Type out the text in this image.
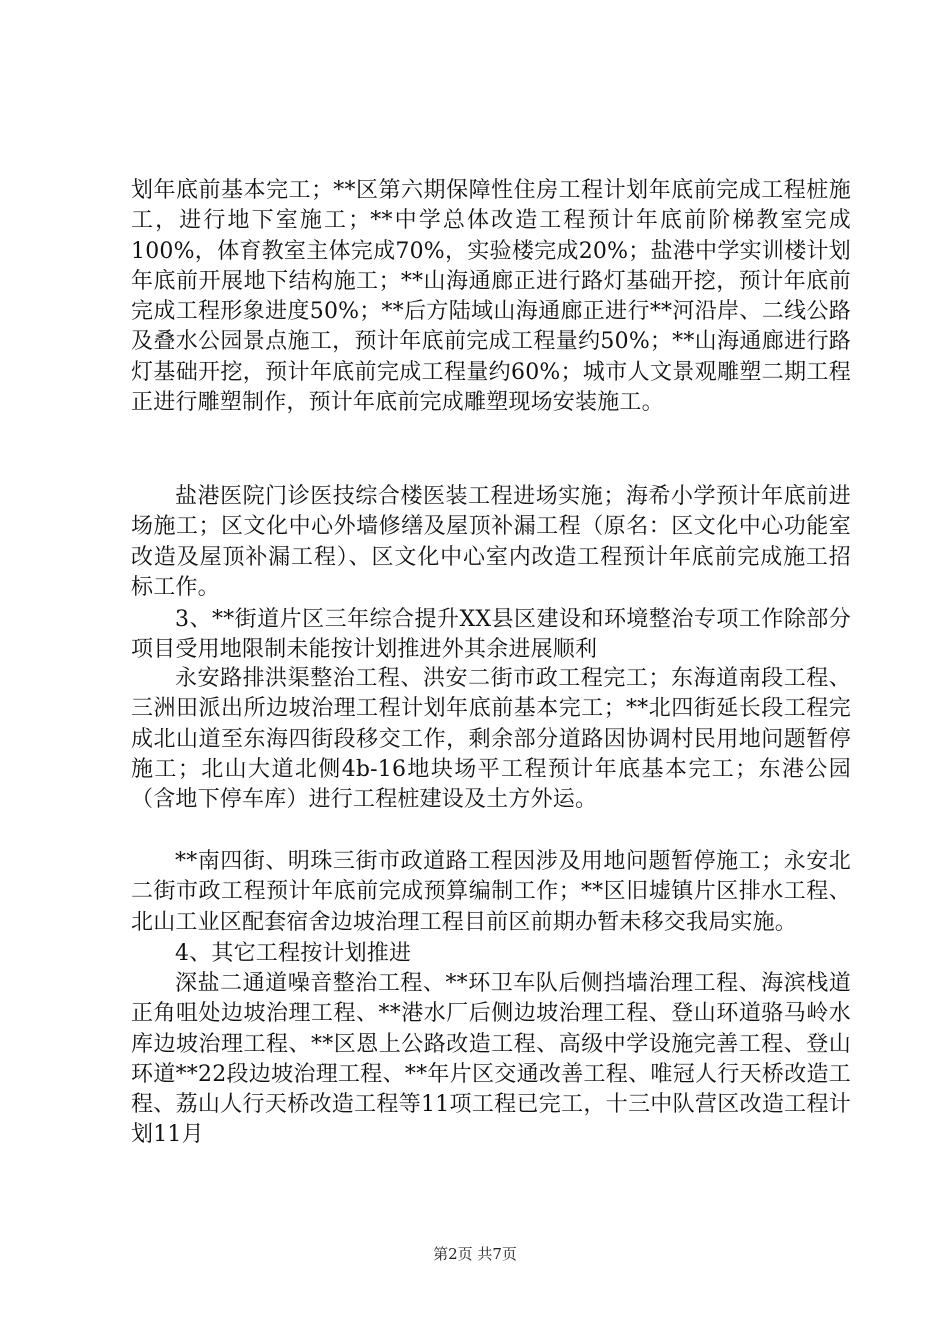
划年底前基本完工；**区第六期保障性住房工程计划年底前完成工程桩施工，进行地下室施工；**中学总体改造工程预计年底前阶梯教室完成100%，体育教室主体完成70%，实验楼完成20%；盐港中学实训楼计划年底前开展地下结构施工；**山海通廊正进行路灯基础开挖，预计年底前完成工程形象进度50%；**后方陆域山海通廊正进行**河沿岸、二线公路及叠水公园景点施工，预计年底前完成工程量约50%；**山海通廊进行路灯基础开挖，预计年底前完成工程量约60%；城市人文景观雕塑二期工程正进行雕塑制作，预计年底前完成雕塑现场安装施工。

盐港医院门诊医技综合楼医装工程进场实施；海希小学预计年底前进场施工；区文化中心外墙修缮及屋顶补漏工程（原名：区文化中心功能室改造及屋顶补漏工程）、区文化中心室内改造工程预计年底前完成施工招标工作。

3、**街道片区三年综合提升XX县区建设和环境整治专项工作除部分项目受用地限制未能按计划推进外其余进展顺利

永安路排洪渠整治工程、洪安二街市政工程完工；东海道南段工程、三洲田派出所边坡治理工程计划年底前基本完工；**北四街延长段工程完成北山道至东海四街段移交工作，剩余部分道路因协调村民用地问题暂停施工；北山大道北侧4b-16地块场平工程预计年底基本完工；东港公园（含地下停车库）进行工程桩建设及土方外运。

**南四街、明珠三街市政道路工程因涉及用地问题暂停施工；永安北二街市政工程预计年底前完成预算编制工作；**区旧墟镇片区排水工程、北山工业区配套宿舍边坡治理工程目前区前期办暂未移交我局实施。

4、其它工程按计划推进

深盐二通道噪音整治工程、**环卫车队后侧挡墙治理工程、海滨栈道正角咀处边坡治理工程、**港水厂后侧边坡治理工程、登山环道骆马岭水库边坡治理工程、**区恩上公路改造工程、高级中学设施完善工程、登山环道**22段边坡治理工程、**年片区交通改善工程、唯冠人行天桥改造工程、荔山人行天桥改造工程等11项工程已完工，十三中队营区改造工程计划11月

第2页 共7页
